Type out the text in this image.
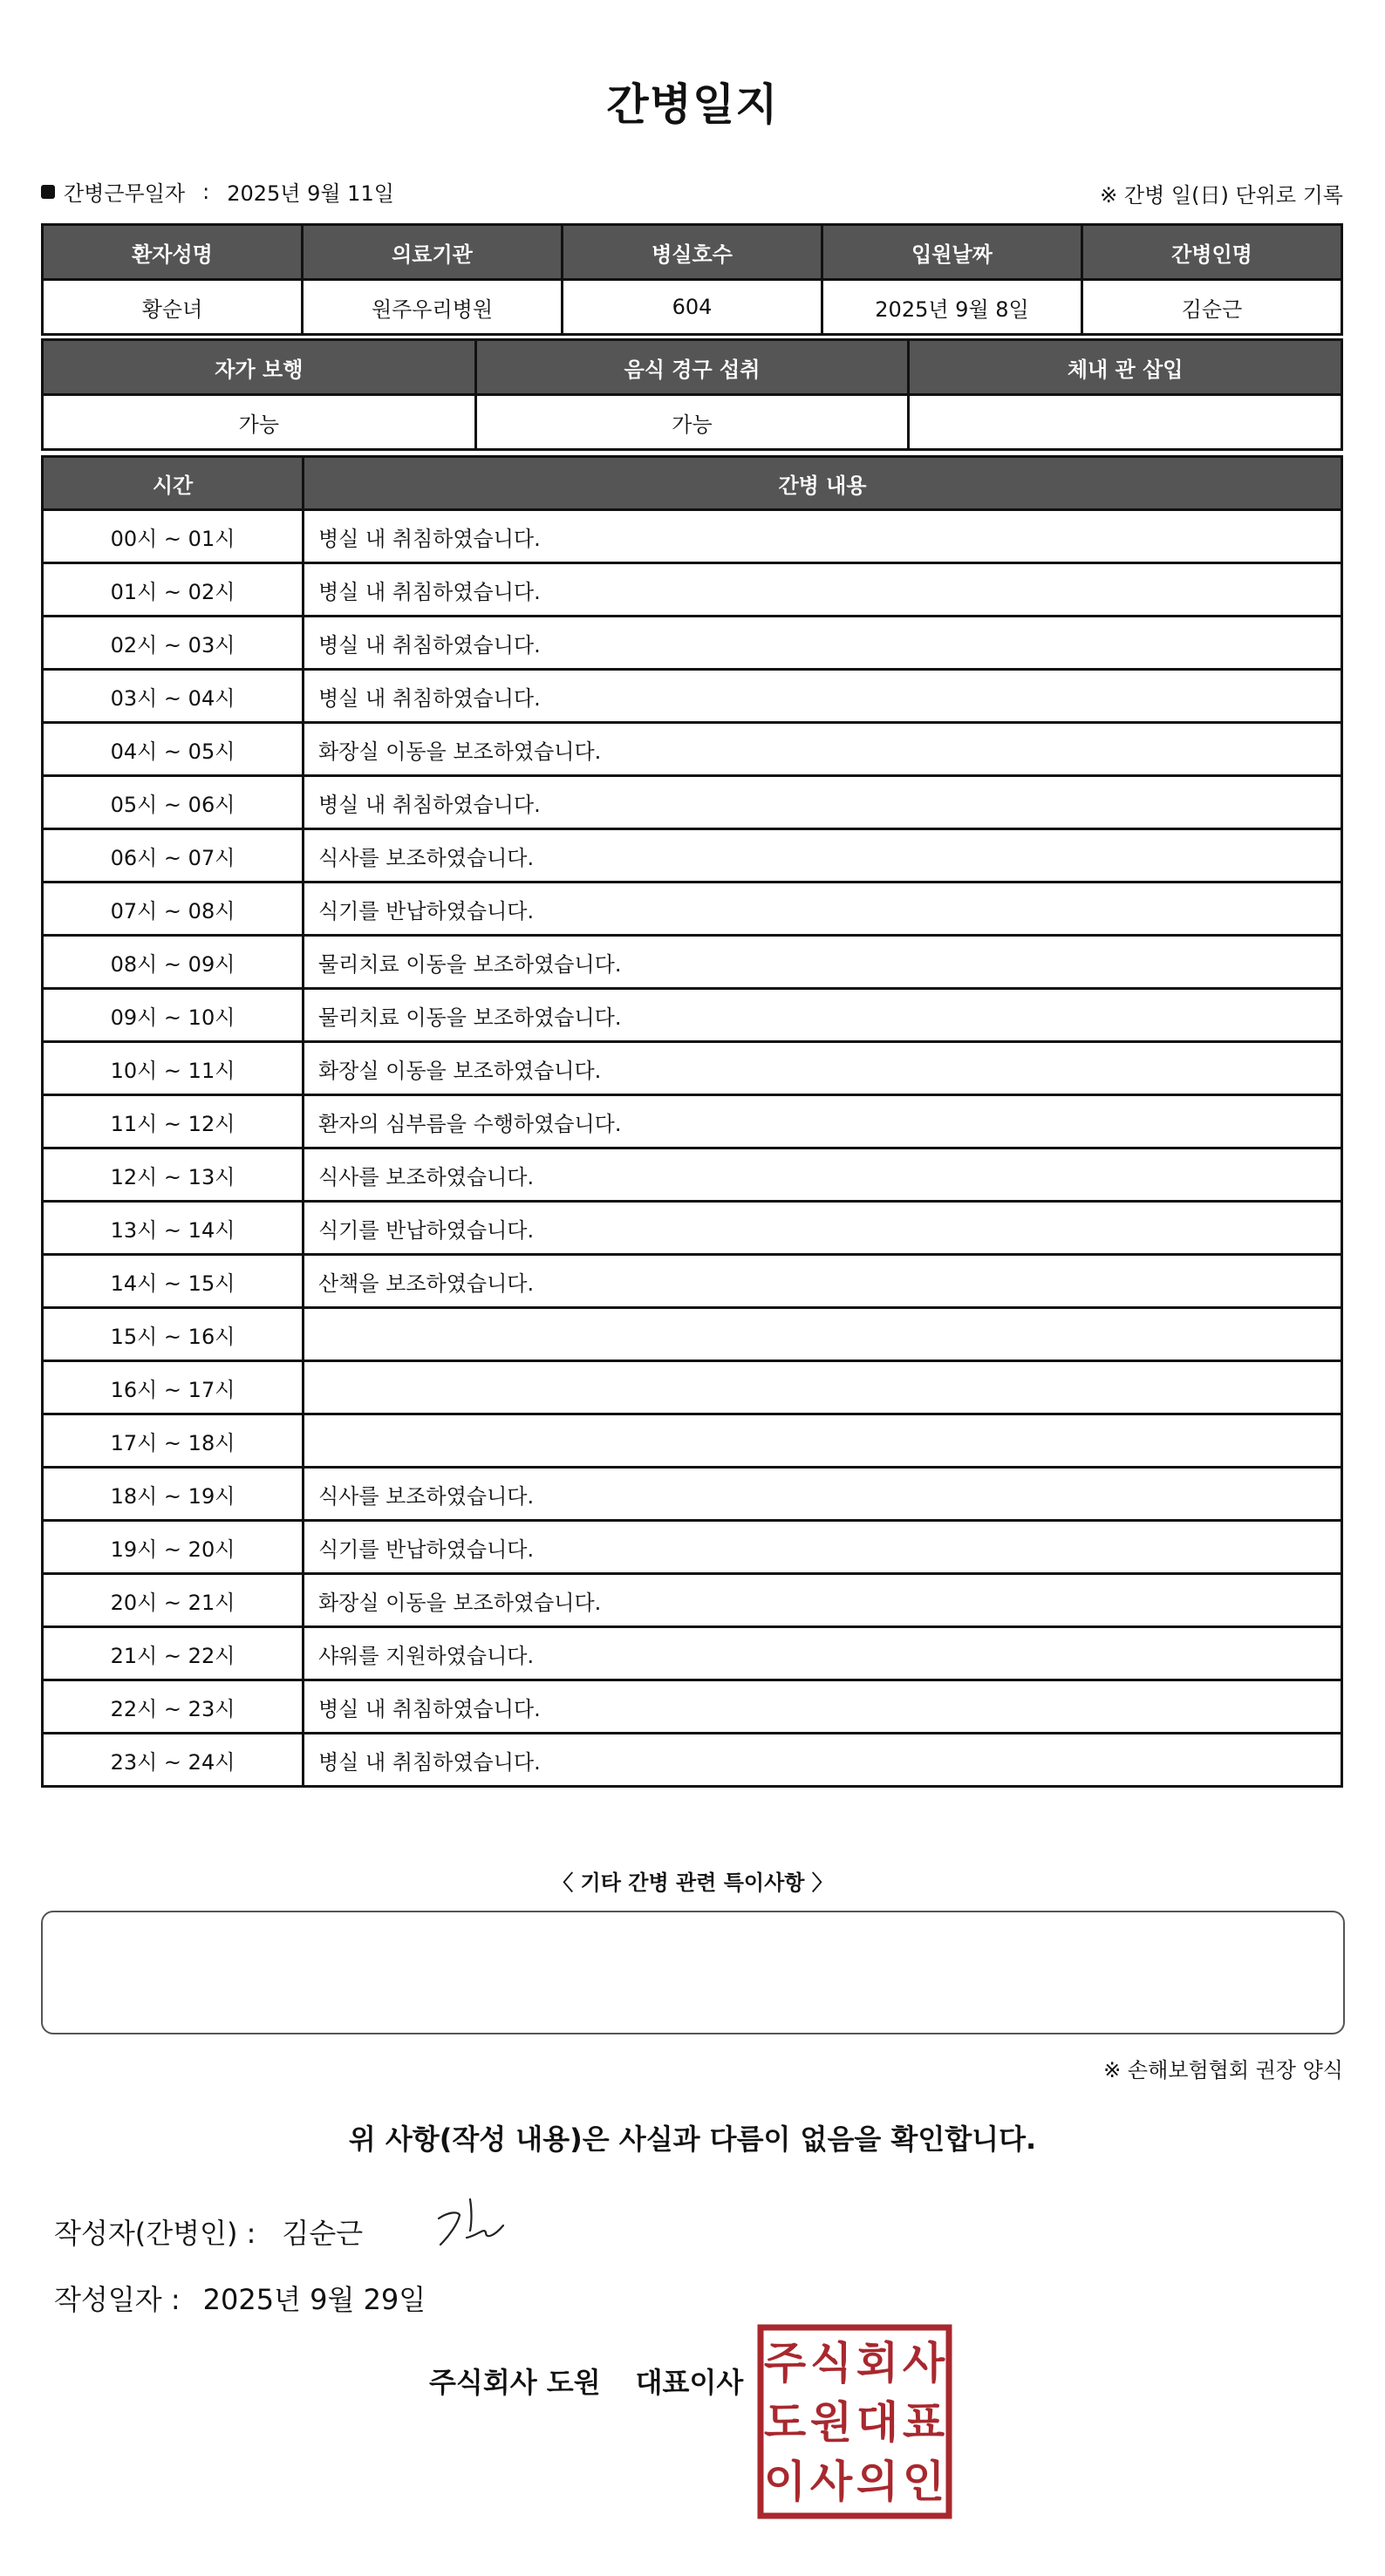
간병일지
간병근무일자 : 2025년 9월 11일	※ 간병 일(日) 단위로 기록
환자성명	의료기관	병실호수	입원날짜	간병인명
황순녀	원주우리병원	604	2025년 9월 8일	김순근
자가 보행	음식 경구 섭취	체내 관 삽입
가능	가능	
시간	간병 내용
00시 ~ 01시	병실 내 취침하였습니다.
01시 ~ 02시	병실 내 취침하였습니다.
02시 ~ 03시	병실 내 취침하였습니다.
03시 ~ 04시	병실 내 취침하였습니다.
04시 ~ 05시	화장실 이동을 보조하였습니다.
05시 ~ 06시	병실 내 취침하였습니다.
06시 ~ 07시	식사를 보조하였습니다.
07시 ~ 08시	식기를 반납하였습니다.
08시 ~ 09시	물리치료 이동을 보조하였습니다.
09시 ~ 10시	물리치료 이동을 보조하였습니다.
10시 ~ 11시	화장실 이동을 보조하였습니다.
11시 ~ 12시	환자의 심부름을 수행하였습니다.
12시 ~ 13시	식사를 보조하였습니다.
13시 ~ 14시	식기를 반납하였습니다.
14시 ~ 15시	산책을 보조하였습니다.
15시 ~ 16시	
16시 ~ 17시	
17시 ~ 18시	
18시 ~ 19시	식사를 보조하였습니다.
19시 ~ 20시	식기를 반납하였습니다.
20시 ~ 21시	화장실 이동을 보조하였습니다.
21시 ~ 22시	샤워를 지원하였습니다.
22시 ~ 23시	병실 내 취침하였습니다.
23시 ~ 24시	병실 내 취침하였습니다.
〈 기타 간병 관련 특이사항 〉
※ 손해보험협회 권장 양식
위 사항(작성 내용)은 사실과 다름이 없음을 확인합니다.
작성자(간병인) : 김순근
작성일자 : 2025년 9월 29일
주식회사 도원 대표이사 주 식 회 사
도 원 대 표
이 사 의 인
